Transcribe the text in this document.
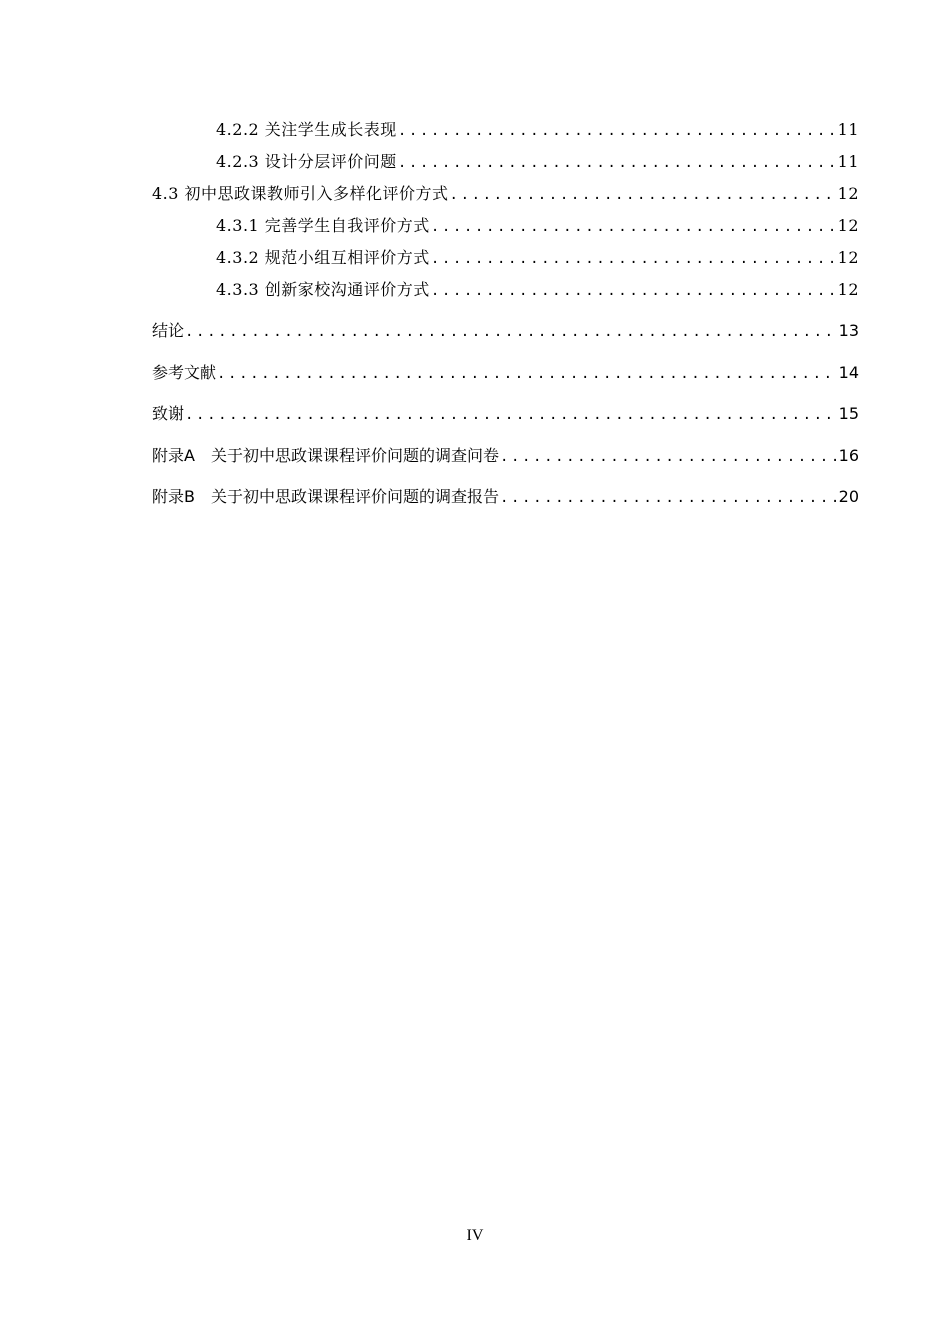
4.2.2 关注学生成长表现 .....	11
4.2.3 设计分层评价问题 .....	11
4.3 初中思政课教师引入多样化评价方式 .....	12
4.3.1 完善学生自我评价方式 .....	12
4.3.2 规范小组互相评价方式 .....	12
4.3.3 创新家校沟通评价方式 .....	12
结论 .....	13
参考文献 .....	14
致谢 .....	15
附录A　关于初中思政课课程评价问题的调查问卷 .....	16
附录B　关于初中思政课课程评价问题的调查报告 .....	20
IV
